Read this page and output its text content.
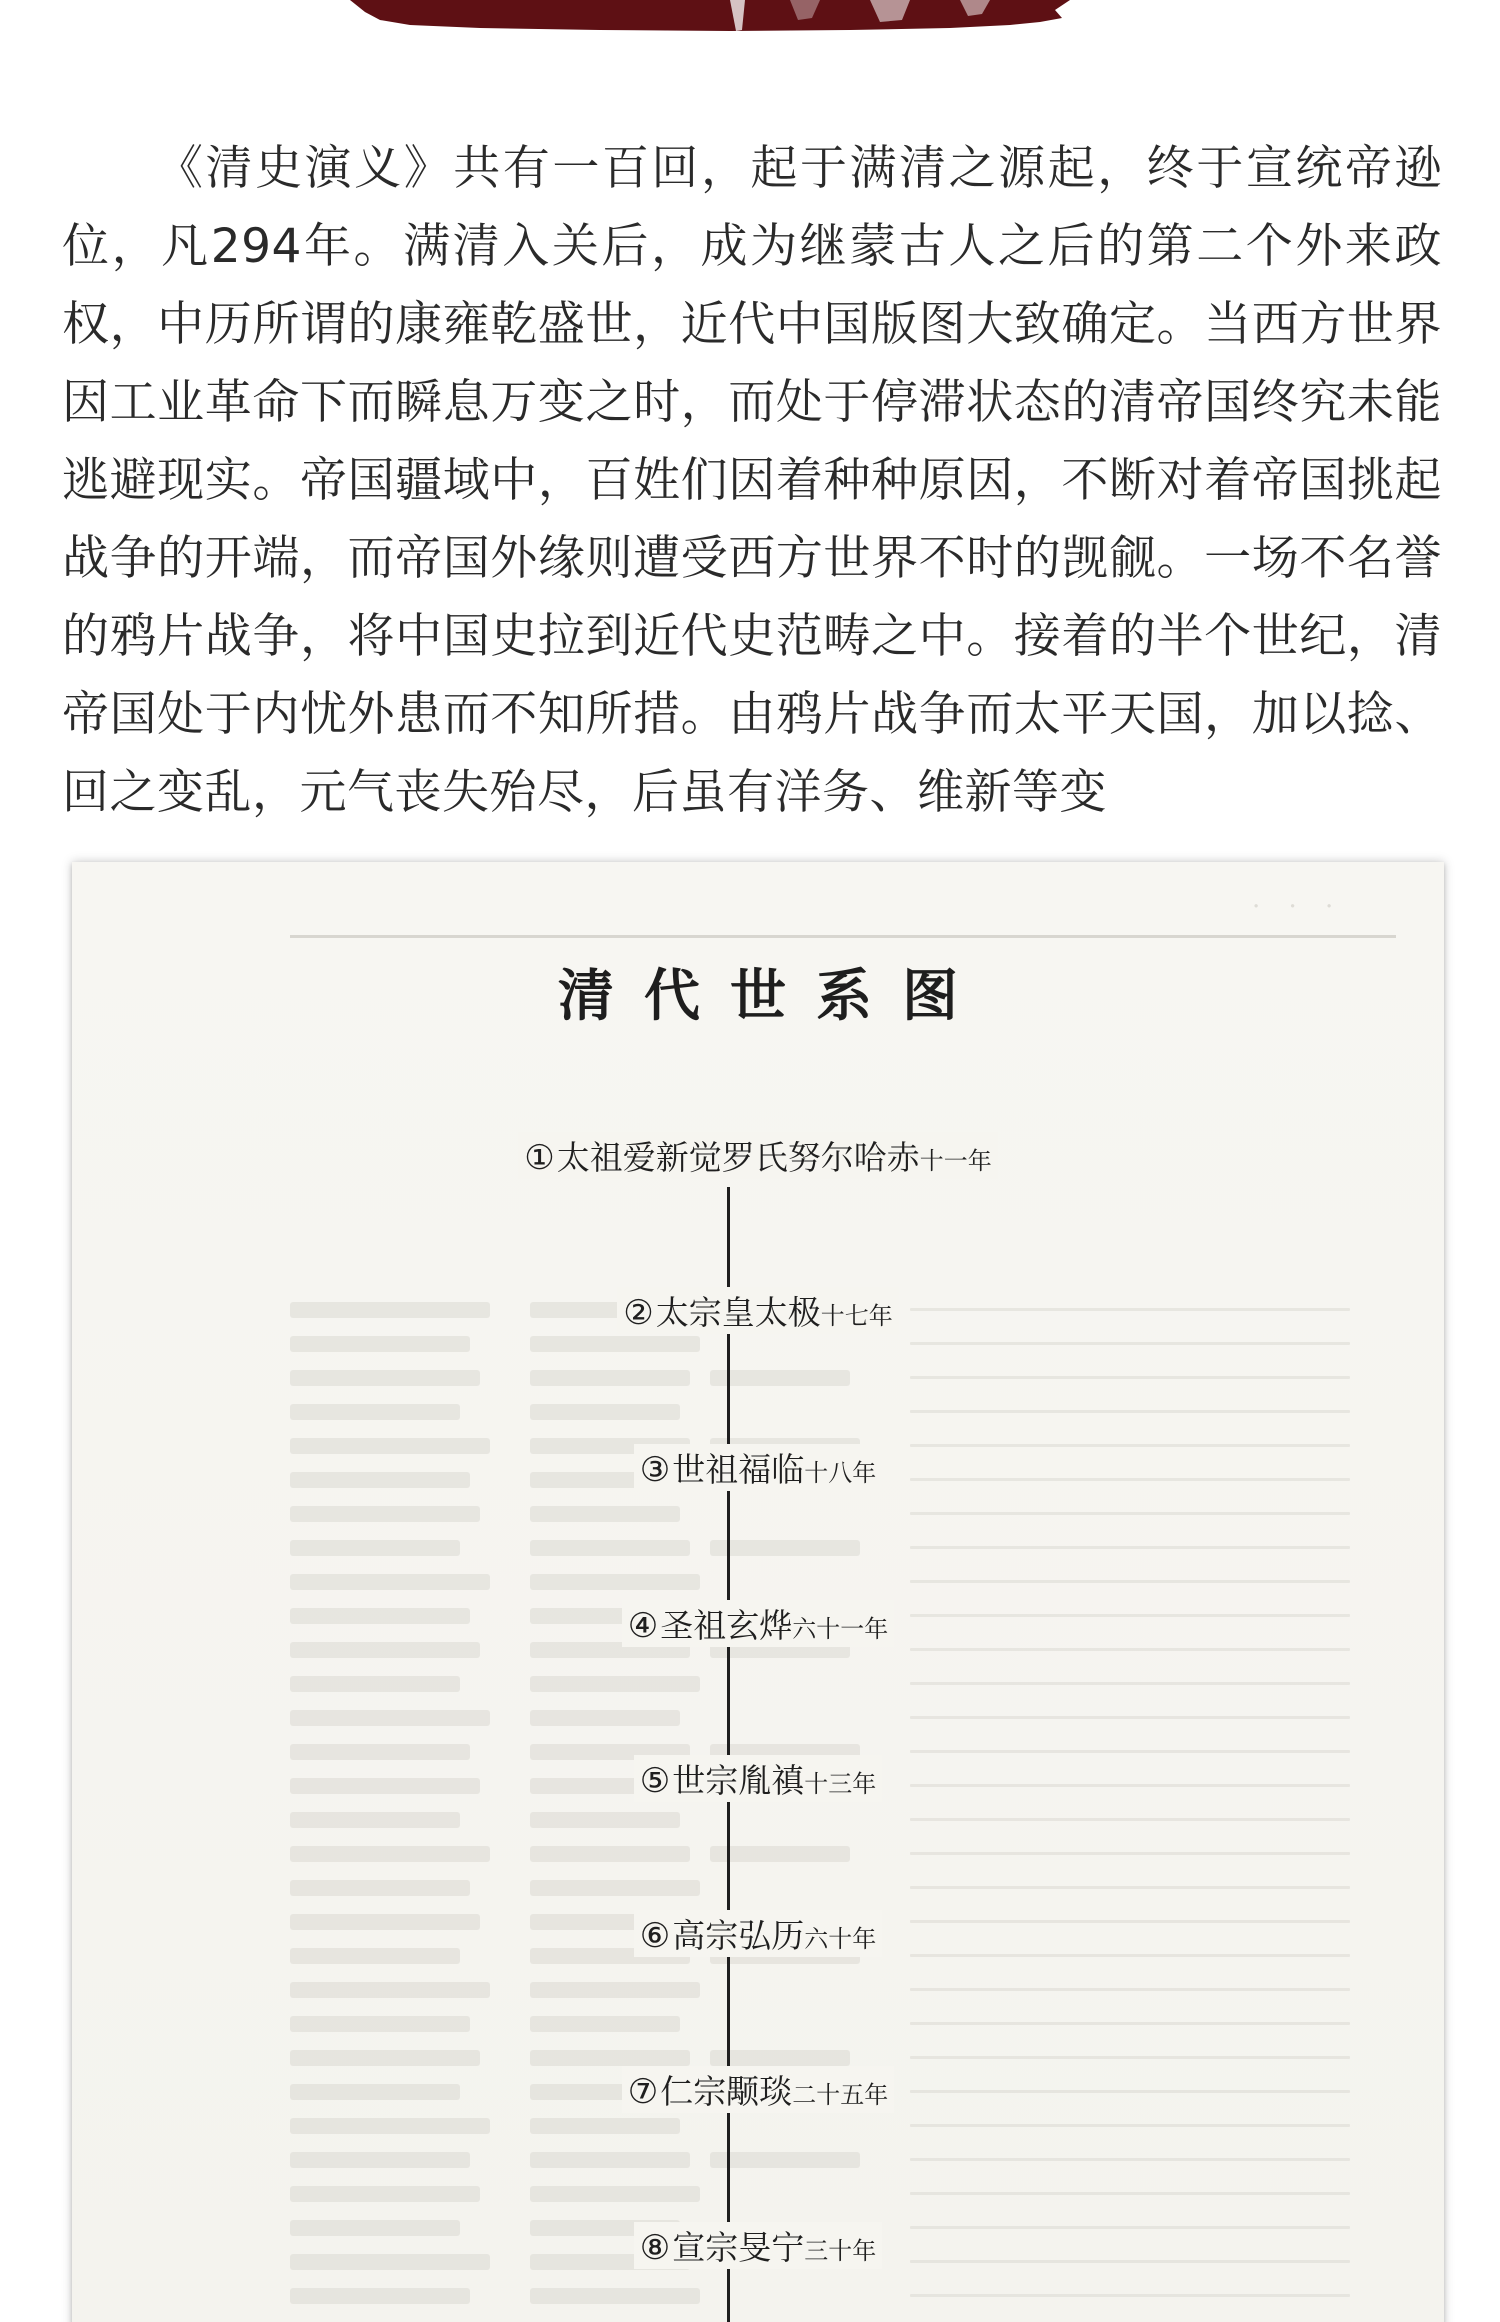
《清史演义》共有一百回，起于满清之源起，终于宣统帝逊位，凡294年。满清入关后，成为继蒙古人之后的第二个外来政权，中历所谓的康雍乾盛世，近代中国版图大致确定。当西方世界因工业革命下而瞬息万变之时，而处于停滞状态的清帝国终究未能逃避现实。帝国疆域中，百姓们因着种种原因，不断对着帝国挑起战争的开端，而帝国外缘则遭受西方世界不时的觊觎。一场不名誉的鸦片战争，将中国史拉到近代史范畴之中。接着的半个世纪，清帝国处于内忧外患而不知所措。由鸦片战争而太平天国，加以捻、回之变乱，元气丧失殆尽，后虽有洋务、维新等变

· · ·
清代世系图
①太祖爱新觉罗氏努尔哈赤十一年
②太宗皇太极十七年
③世祖福临十八年
④圣祖玄烨六十一年
⑤世宗胤禛十三年
⑥高宗弘历六十年
⑦仁宗颙琰二十五年
⑧宣宗旻宁三十年
